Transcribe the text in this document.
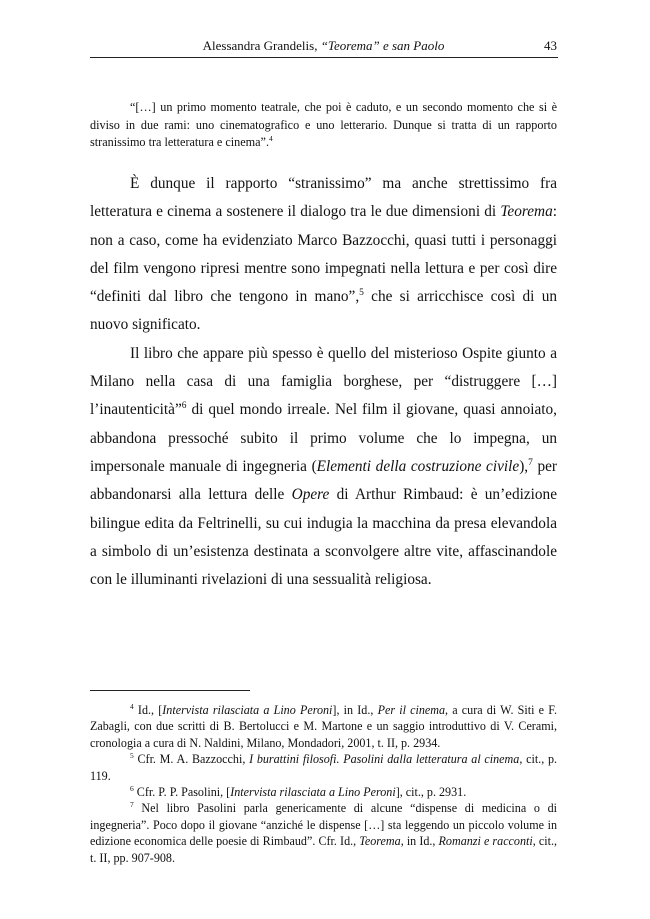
Alessandra Grandelis, “Teorema” e san Paolo	43
“[…] un primo momento teatrale, che poi è caduto, e un secondo momento che si è diviso in due rami: uno cinematografico e uno letterario. Dunque si tratta di un rapporto stranissimo tra letteratura e cinema”.$^4$

È dunque il rapporto “stranissimo” ma anche strettissimo fra letteratura e cinema a sostenere il dialogo tra le due dimensioni di Teorema: non a caso, come ha evidenziato Marco Bazzocchi, quasi tutti i personaggi del film vengono ripresi mentre sono impegnati nella lettura e per così dire “definiti dal libro che tengono in mano”,$^5$ che si arricchisce così di un nuovo significato.

Il libro che appare più spesso è quello del misterioso Ospite giunto a Milano nella casa di una famiglia borghese, per “distruggere […] l’inautenticità”$^6$ di quel mondo irreale. Nel film il giovane, quasi annoiato, abbandona pressoché subito il primo volume che lo impegna, un impersonale manuale di ingegneria (Elementi della costruzione civile),$^7$ per abbandonarsi alla lettura delle Opere di Arthur Rimbaud: è un’edizione bilingue edita da Feltrinelli, su cui indugia la macchina da presa elevandola a simbolo di un’esistenza destinata a sconvolgere altre vite, affascinandole con le illuminanti rivelazioni di una sessualità religiosa.

$^4$ Id., [Intervista rilasciata a Lino Peroni], in Id., Per il cinema, a cura di W. Siti e F. Zabagli, con due scritti di B. Bertolucci e M. Martone e un saggio introduttivo di V. Cerami, cronologia a cura di N. Naldini, Milano, Mondadori, 2001, t. II, p. 2934.

$^5$ Cfr. M. A. Bazzocchi, I burattini filosofi. Pasolini dalla letteratura al cinema, cit., p. 119.

$^6$ Cfr. P. P. Pasolini, [Intervista rilasciata a Lino Peroni], cit., p. 2931.

$^7$ Nel libro Pasolini parla genericamente di alcune “dispense di medicina o di ingegneria”. Poco dopo il giovane “anziché le dispense […] sta leggendo un piccolo volume in edizione economica delle poesie di Rimbaud”. Cfr. Id., Teorema, in Id., Romanzi e racconti, cit., t. II, pp. 907-908.
